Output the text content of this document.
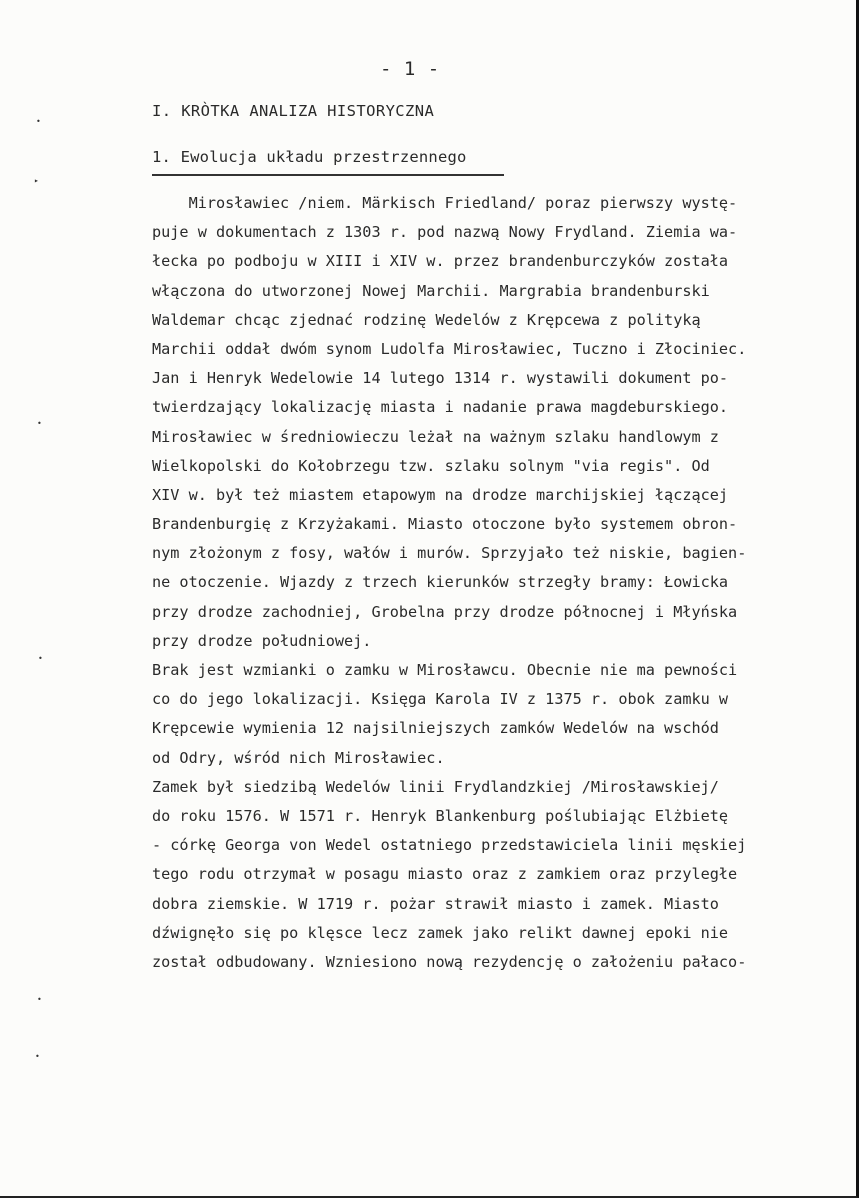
- 1 -
I. KRÒTKA ANALIZA HISTORYCZNA
1. Ewolucja układu przestrzennego
Mirosławiec /niem. Märkisch Friedland/ poraz pierwszy wystę-
puje w dokumentach z 1303 r. pod nazwą Nowy Frydland. Ziemia wa-
łecka po podboju w XIII i XIV w. przez brandenburczyków została
włączona do utworzonej Nowej Marchii. Margrabia brandenburski
Waldemar chcąc zjednać rodzinę Wedelów z Krępcewa z polityką
Marchii oddał dwóm synom Ludolfa Mirosławiec, Tuczno i Złociniec.
Jan i Henryk Wedelowie 14 lutego 1314 r. wystawili dokument po-
twierdzający lokalizację miasta i nadanie prawa magdeburskiego.
Mirosławiec w średniowieczu leżał na ważnym szlaku handlowym z
Wielkopolski do Kołobrzegu tzw. szlaku solnym "via regis". Od
XIV w. był też miastem etapowym na drodze marchijskiej łączącej
Brandenburgię z Krzyżakami. Miasto otoczone było systemem obron-
nym złożonym z fosy, wałów i murów. Sprzyjało też niskie, bagien-
ne otoczenie. Wjazdy z trzech kierunków strzegły bramy: Łowicka
przy drodze zachodniej, Grobelna przy drodze północnej i Młyńska
przy drodze południowej.
Brak jest wzmianki o zamku w Mirosławcu. Obecnie nie ma pewności
co do jego lokalizacji. Księga Karola IV z 1375 r. obok zamku w
Krępcewie wymienia 12 najsilniejszych zamków Wedelów na wschód
od Odry, wśród nich Mirosławiec.
Zamek był siedzibą Wedelów linii Frydlandzkiej /Mirosławskiej/
do roku 1576. W 1571 r. Henryk Blankenburg poślubiając Elżbietę
- córkę Georga von Wedel ostatniego przedstawiciela linii męskiej
tego rodu otrzymał w posagu miasto oraz z zamkiem oraz przyległe
dobra ziemskie. W 1719 r. pożar strawił miasto i zamek. Miasto
dźwignęło się po klęsce lecz zamek jako relikt dawnej epoki nie
został odbudowany. Wzniesiono nową rezydencję o założeniu pałaco-
•
▸
•
•
•
•
